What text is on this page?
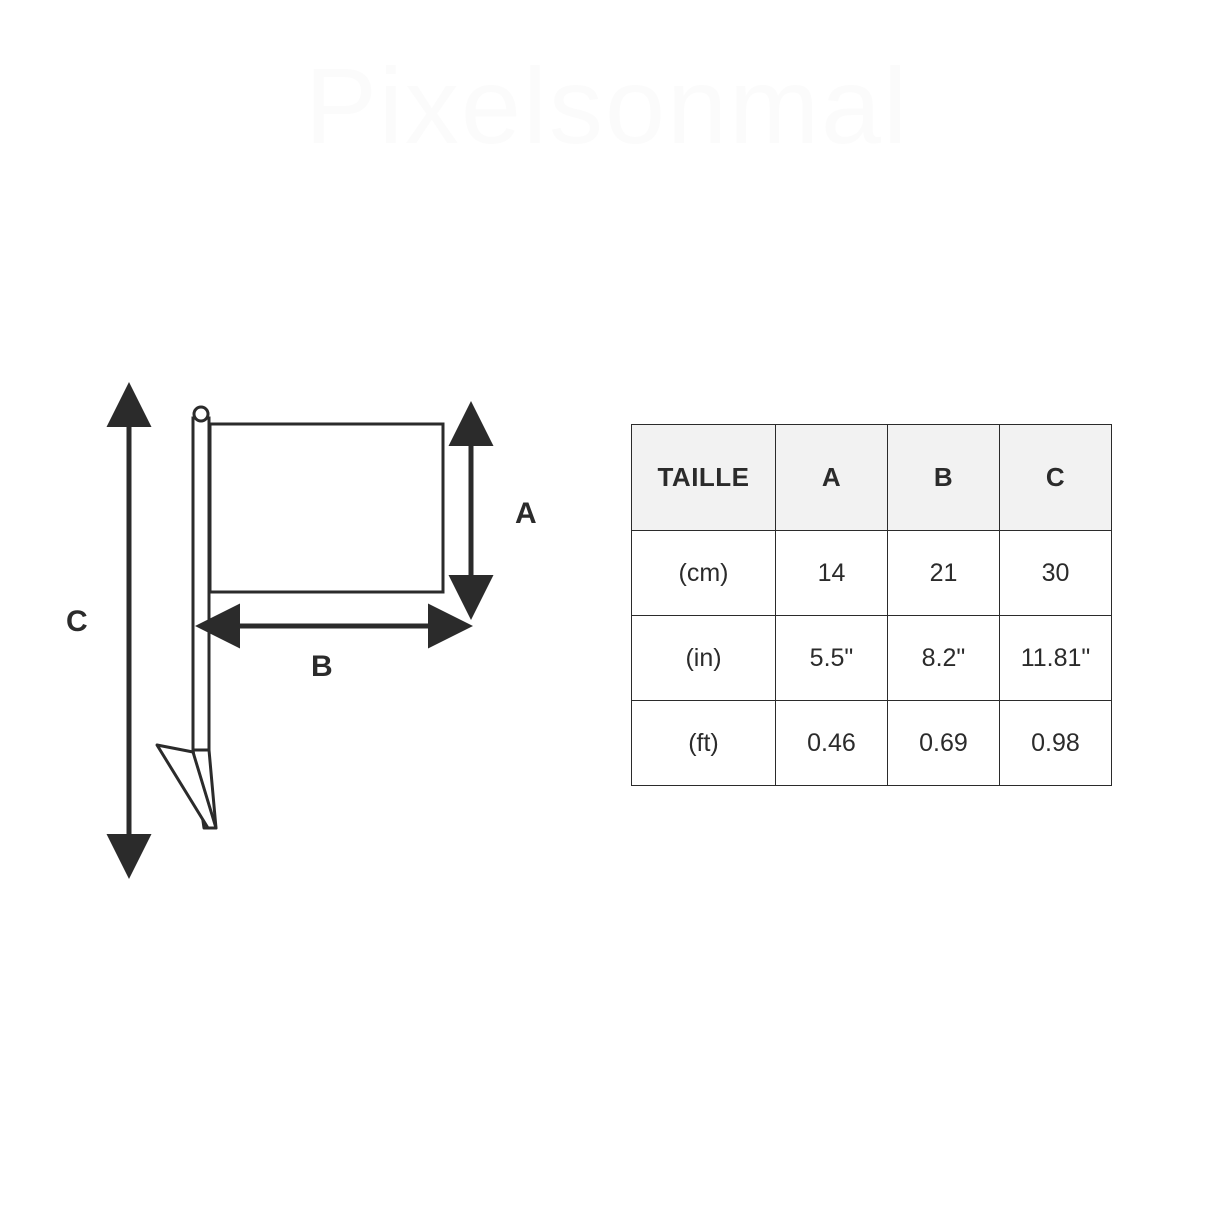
Pixelsonmal
A
B
C
TAILLE	A	B	C
(cm)	14	21	30
(in)	5.5"	8.2"	11.81"
(ft)	0.46	0.69	0.98
